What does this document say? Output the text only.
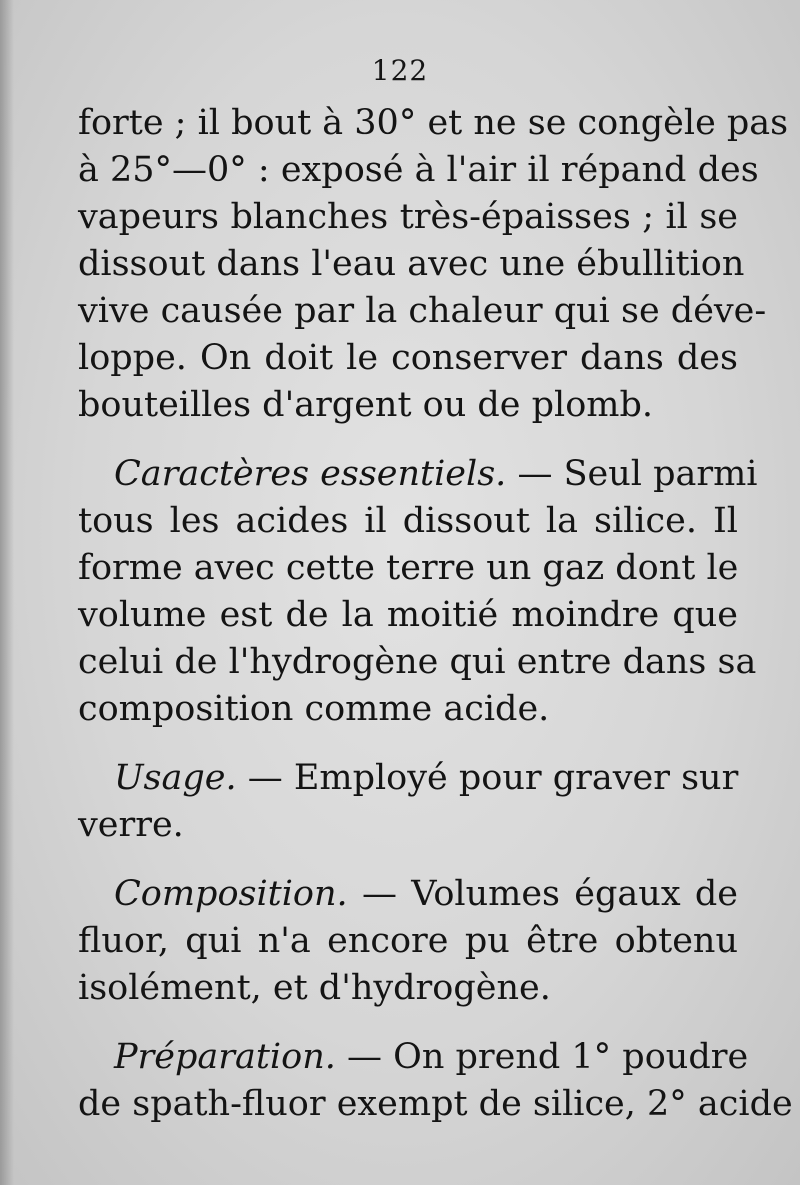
122
forte ; il bout à 30° et ne se congèle pas
à 25°—0° : exposé à l'air il répand des
vapeurs blanches très-épaisses ; il se
dissout dans l'eau avec une ébullition
vive causée par la chaleur qui se déve-
loppe. On doit le conserver dans des
bouteilles d'argent ou de plomb.
Caractères essentiels. — Seul parmi
tous les acides il dissout la silice. Il
forme avec cette terre un gaz dont le
volume est de la moitié moindre que
celui de l'hydrogène qui entre dans sa
composition comme acide.
Usage. — Employé pour graver sur
verre.
Composition. — Volumes égaux de
fluor, qui n'a encore pu être obtenu
isolément, et d'hydrogène.
Préparation. — On prend 1° poudre
de spath-fluor exempt de silice, 2° acide
